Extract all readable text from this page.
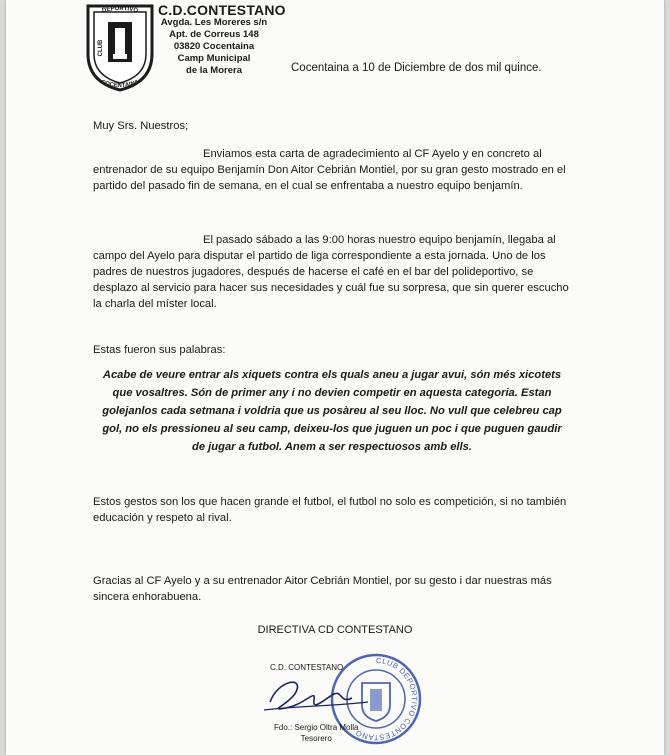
DEPORTIVO
COCENTAINA
CLUB
C.D.CONTESTANO
Avgda. Les Moreres s/n
Apt. de Correus 148
03820 Cocentaina
Camp Municipal
de la Morera	Cocentaina a 10 de Diciembre de dos mil quince.
Muy Srs. Nuestros;
Enviamos esta carta de agradecimiento al CF Ayelo y en concreto al entrenador de su equipo Benjamín Don Aitor Cebrián Montiel, por su gran gesto mostrado en el partido del pasado fin de semana, en el cual se enfrentaba a nuestro equipo benjamín.
El pasado sábado a las 9:00 horas nuestro equipo benjamín, llegaba al campo del Ayelo para disputar el partido de liga correspondiente a esta jornada. Uno de los padres de nuestros jugadores, después de hacerse el café en el bar del polideportivo, se desplazo al servicio para hacer sus necesidades y cuál fue su sorpresa, que sin querer escucho la charla del míster local.
Estas fueron sus palabras:
Acabe de veure entrar als xiquets contra els quals aneu a jugar avui, són més xicotets que vosaltres. Són de primer any i no devien competir en aquesta categoria. Estan golejanlos cada setmana i voldria que us posàreu al seu lloc. No vull que celebreu cap gol, no els pressioneu al seu camp, deixeu-los que juguen un poc i que puguen gaudir de jugar a futbol. Anem a ser respectuosos amb ells.
Estos gestos son los que hacen grande el futbol, el futbol no solo es competición, si no también educación y respeto al rival.
Gracias al CF Ayelo y a su entrenador Aitor Cebrián Montiel, por su gesto i dar nuestras más sincera enhorabuena.
DIRECTIVA CD CONTESTANO
C.D. CONTESTANO
CLUB DEPORTIVO CONTESTANO
Fdo.: Sergio Oltra Molla
Tesorero
